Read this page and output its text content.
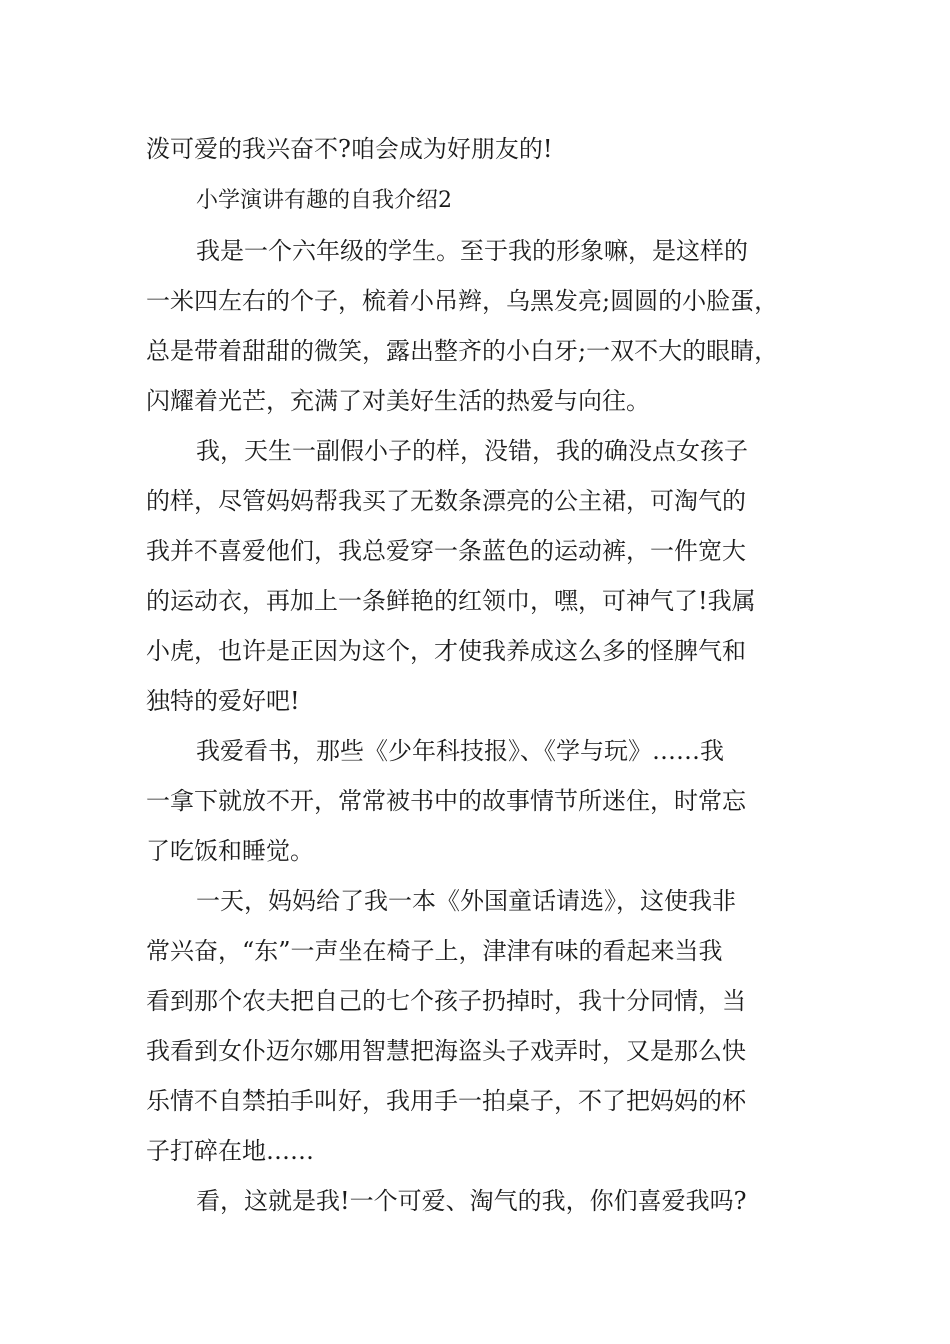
泼可爱的我兴奋不?咱会成为好朋友的!

小学演讲有趣的自我介绍2

我是一个六年级的学生。至于我的形象嘛，是这样的

一米四左右的个子，梳着小吊辫，乌黑发亮;圆圆的小脸蛋，

总是带着甜甜的微笑，露出整齐的小白牙;一双不大的眼睛，

闪耀着光芒，充满了对美好生活的热爱与向往。

我，天生一副假小子的样，没错，我的确没点女孩子

的样，尽管妈妈帮我买了无数条漂亮的公主裙，可淘气的

我并不喜爱他们，我总爱穿一条蓝色的运动裤，一件宽大

的运动衣，再加上一条鲜艳的红领巾，嘿，可神气了!我属

小虎，也许是正因为这个，才使我养成这么多的怪脾气和

独特的爱好吧!

我爱看书，那些《少年科技报》、《学与玩》……我

一拿下就放不开，常常被书中的故事情节所迷住，时常忘

了吃饭和睡觉。

一天，妈妈给了我一本《外国童话请选》，这使我非

常兴奋，“东”一声坐在椅子上，津津有味的看起来当我

看到那个农夫把自己的七个孩子扔掉时，我十分同情，当

我看到女仆迈尔娜用智慧把海盗头子戏弄时，又是那么快

乐情不自禁拍手叫好，我用手一拍桌子，不了把妈妈的杯

子打碎在地……

看，这就是我!一个可爱、淘气的我，你们喜爱我吗?
